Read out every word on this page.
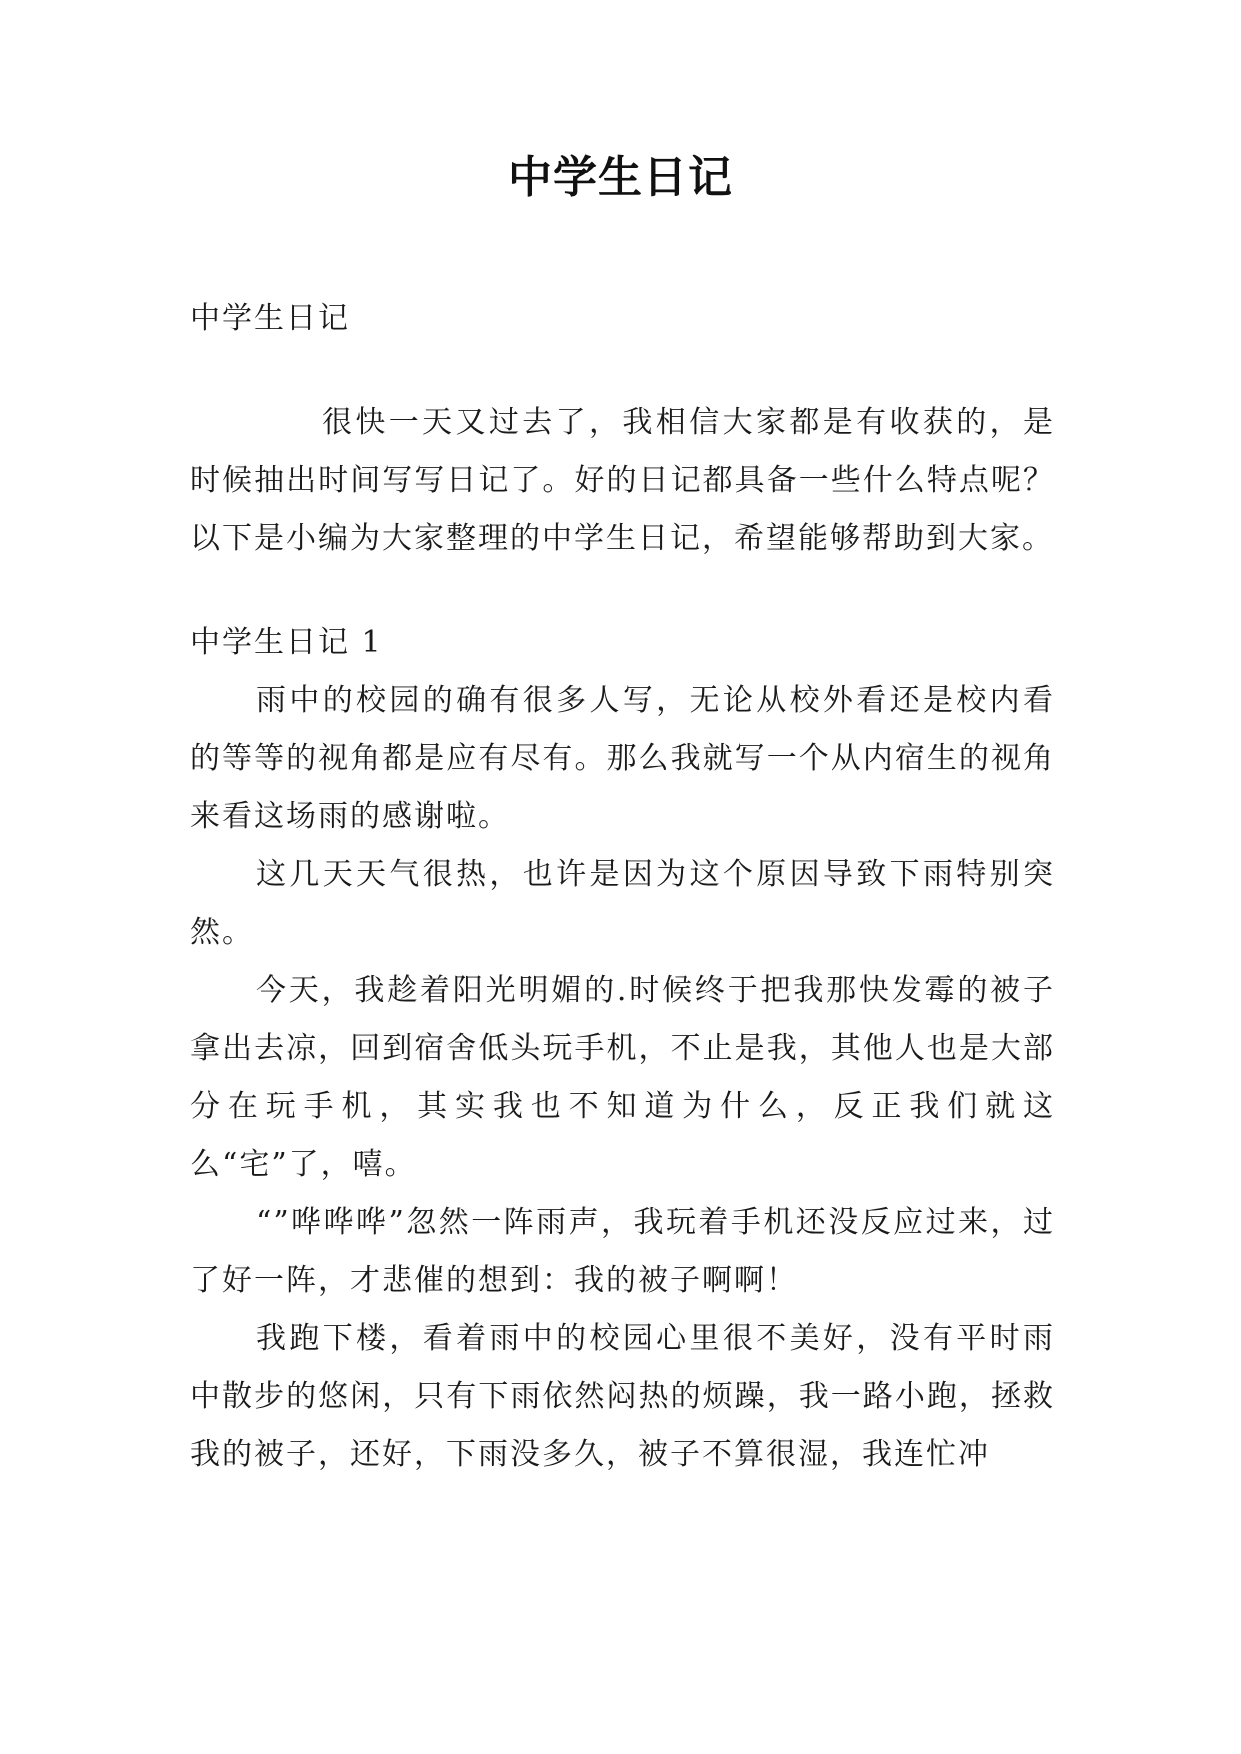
中学生日记

中学生日记

很快一天又过去了，我相信大家都是有收获的，是时候抽出时间写写日记了。好的日记都具备一些什么特点呢？以下是小编为大家整理的中学生日记，希望能够帮助到大家。

中学生日记 1

雨中的校园的确有很多人写，无论从校外看还是校内看的等等的视角都是应有尽有。那么我就写一个从内宿生的视角来看这场雨的感谢啦。

这几天天气很热，也许是因为这个原因导致下雨特别突然。

今天，我趁着阳光明媚的.时候终于把我那快发霉的被子拿出去凉，回到宿舍低头玩手机，不止是我，其他人也是大部分在玩手机，其实我也不知道为什么，反正我们就这么“宅”了，嘻。

“”哗哗哗”忽然一阵雨声，我玩着手机还没反应过来，过了好一阵，才悲催的想到：我的被子啊啊！

我跑下楼，看着雨中的校园心里很不美好，没有平时雨中散步的悠闲，只有下雨依然闷热的烦躁，我一路小跑，拯救我的被子，还好，下雨没多久，被子不算很湿，我连忙冲
